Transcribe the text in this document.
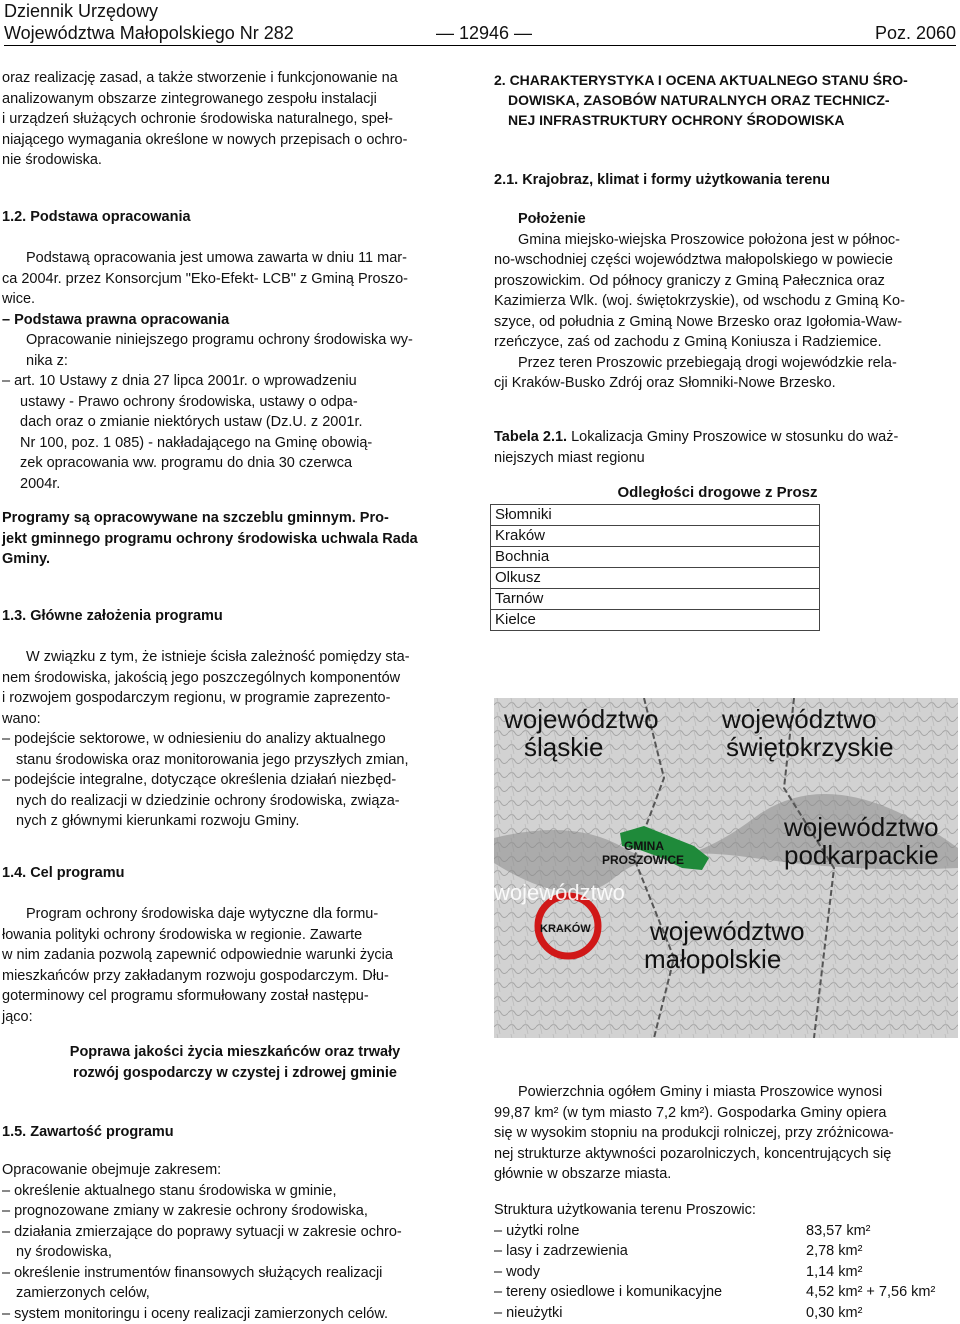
Dziennik Urzędowy
Województwa Małopolskiego Nr 282	— 12946 —	Poz. 2060

oraz realizację zasad, a także stworzenie i funkcjonowanie na

analizowanym obszarze zintegrowanego zespołu instalacji

i urządzeń służących ochronie środowiska naturalnego, speł-

niającego wymagania określone w nowych przepisach o ochro-

nie środowiska.

1.2. Podstawa opracowania

Podstawą opracowania jest umowa zawarta w dniu 11 mar-

ca 2004r. przez Konsorcjum "Eko-Efekt- LCB" z Gminą Proszo-

wice.

– Podstawa prawna opracowania

Opracowanie niniejszego programu ochrony środowiska wy-

nika z:

– art. 10 Ustawy z dnia 27 lipca 2001r. o wprowadzeniu

ustawy - Prawo ochrony środowiska, ustawy o odpa-

dach oraz o zmianie niektórych ustaw (Dz.U. z 2001r.

Nr 100, poz. 1 085) - nakładającego na Gminę obowią-

zek opracowania ww. programu do dnia 30 czerwca

2004r.

Programy są opracowywane na szczeblu gminnym. Pro-

jekt gminnego programu ochrony środowiska uchwala Rada

Gminy.

1.3. Główne założenia programu

W związku z tym, że istnieje ścisła zależność pomiędzy sta-

nem środowiska, jakością jego poszczególnych komponentów

i rozwojem gospodarczym regionu, w programie zaprezento-

wano:

– podejście sektorowe, w odniesieniu do analizy aktualnego

stanu środowiska oraz monitorowania jego przyszłych zmian,

– podejście integralne, dotyczące określenia działań niezbęd-

nych do realizacji w dziedzinie ochrony środowiska, związa-

nych z głównymi kierunkami rozwoju Gminy.

1.4. Cel programu

Program ochrony środowiska daje wytyczne dla formu-

łowania polityki ochrony środowiska w regionie. Zawarte

w nim zadania pozwolą zapewnić odpowiednie warunki życia

mieszkańców przy zakładanym rozwoju gospodarczym. Dłu-

goterminowy cel programu sformułowany został następu-

jąco:

Poprawa jakości życia mieszkańców oraz trwały

rozwój gospodarczy w czystej i zdrowej gminie

1.5. Zawartość programu

Opracowanie obejmuje zakresem:

– określenie aktualnego stanu środowiska w gminie,

– prognozowane zmiany w zakresie ochrony środowiska,

– działania zmierzające do poprawy sytuacji w zakresie ochro-

ny środowiska,

– określenie instrumentów finansowych służących realizacji

zamierzonych celów,

– system monitoringu i oceny realizacji zamierzonych celów.

2. CHARAKTERYSTYKA I OCENA AKTUALNEGO STANU ŚRO-

DOWISKA, ZASOBÓW NATURALNYCH ORAZ TECHNICZ-

NEJ INFRASTRUKTURY OCHRONY ŚRODOWISKA

2.1. Krajobraz, klimat i formy użytkowania terenu

Położenie

Gmina miejsko-wiejska Proszowice położona jest w północ-

no-wschodniej części województwa małopolskiego w powiecie

proszowickim. Od północy graniczy z Gminą Pałecznica oraz

Kazimierza Wlk. (woj. świętokrzyskie), od wschodu z Gminą Ko-

szyce, od południa z Gminą Nowe Brzesko oraz Igołomia-Waw-

rzeńczyce, zaś od zachodu z Gminą Koniusza i Radziemice.

Przez teren Proszowic przebiegają drogi wojewódzkie rela-

cji Kraków-Busko Zdrój oraz Słomniki-Nowe Brzesko.

Tabela 2.1. Lokalizacja Gminy Proszowice w stosunku do waż-

niejszych miast regionu

Odległości drogowe z Prosz
Słomniki
Kraków
Bochnia
Olkusz
Tarnów
Kielce
województwo
śląskie
województwo
świętokrzyskie
GMINA
PROSZOWICE
województwo
podkarpackie
województwo
KRAKÓW województwo
małopolskie

Powierzchnia ogółem Gminy i miasta Proszowice wynosi

99,87 km² (w tym miasto 7,2 km²). Gospodarka Gminy opiera

się w wysokim stopniu na produkcji rolniczej, przy zróżnicowa-

nej strukturze aktywności pozarolniczych, koncentrujących się

głównie w obszarze miasta.

Struktura użytkowania terenu Proszowic:

– użytki rolne	83,57 km²
– lasy i zadrzewienia	2,78 km²
– wody	1,14 km²
– tereny osiedlowe i komunikacyjne	4,52 km² + 7,56 km²
– nieużytki	0,30 km²
